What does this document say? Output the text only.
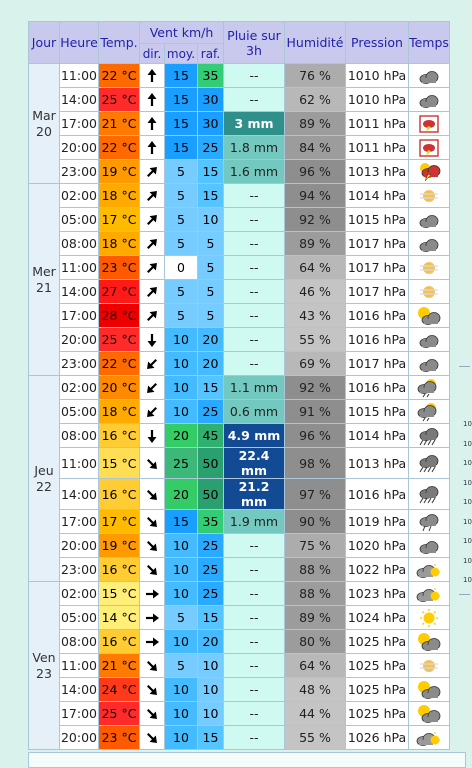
Jour	Heure	Temp.	Vent km/h			Pluie sur 3h	Humidité	Pression	Temps
			dir.	moy.	raf.				
Mar
20	11:00	22 °C		15	35	--	76 %	1010 hPa	
	14:00	25 °C		15	30	--	62 %	1010 hPa	
	17:00	21 °C		15	30	3 mm	89 %	1011 hPa	
	20:00	22 °C		15	25	1.8 mm	84 %	1011 hPa	
	23:00	19 °C		5	15	1.6 mm	96 %	1013 hPa	
Mer
21	02:00	18 °C		5	15	--	94 %	1014 hPa	
	05:00	17 °C		5	10	--	92 %	1015 hPa	
	08:00	18 °C		5	5	--	89 %	1017 hPa	
	11:00	23 °C		0	5	--	64 %	1017 hPa	
	14:00	27 °C		5	5	--	46 %	1017 hPa	
	17:00	28 °C		5	5	--	43 %	1016 hPa	
	20:00	25 °C		10	20	--	55 %	1016 hPa	
	23:00	22 °C		10	20	--	69 %	1017 hPa	
Jeu
22	02:00	20 °C		10	15	1.1 mm	92 %	1016 hPa	
	05:00	18 °C		10	25	0.6 mm	91 %	1015 hPa	
	08:00	16 °C		20	45	4.9 mm	96 %	1014 hPa	
	11:00	15 °C		25	50	22.4 mm	98 %	1013 hPa	
	14:00	16 °C		20	50	21.2 mm	97 %	1016 hPa	
	17:00	17 °C		15	35	1.9 mm	90 %	1019 hPa	
	20:00	19 °C		10	25	--	75 %	1020 hPa	
	23:00	16 °C		10	25	--	88 %	1022 hPa	
Ven
23	02:00	15 °C		10	25	--	88 %	1023 hPa	
	05:00	14 °C		5	15	--	89 %	1024 hPa	
	08:00	16 °C		10	20	--	80 %	1025 hPa	
	11:00	21 °C		5	10	--	64 %	1025 hPa	
	14:00	24 °C		10	10	--	48 %	1025 hPa	
	17:00	25 °C		10	10	--	44 %	1025 hPa	
	20:00	23 °C		10	15	--	55 %	1026 hPa	
10
10
10
10
10
10
10
10
10
